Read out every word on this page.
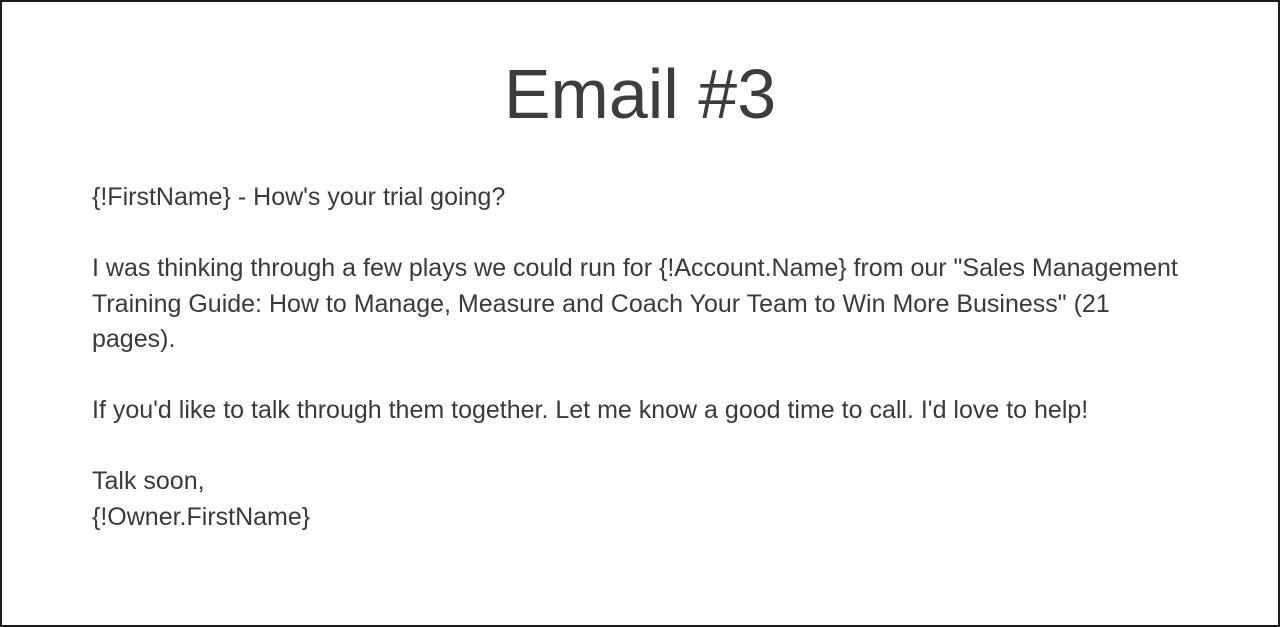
Email #3

{!FirstName} - How's your trial going?

I was thinking through a few plays we could run for {!Account.Name} from our "Sales Management Training Guide: How to Manage, Measure and Coach Your Team to Win More Business" (21 pages).

If you'd like to talk through them together. Let me know a good time to call. I'd love to help!

Talk soon,
{!Owner.FirstName}
